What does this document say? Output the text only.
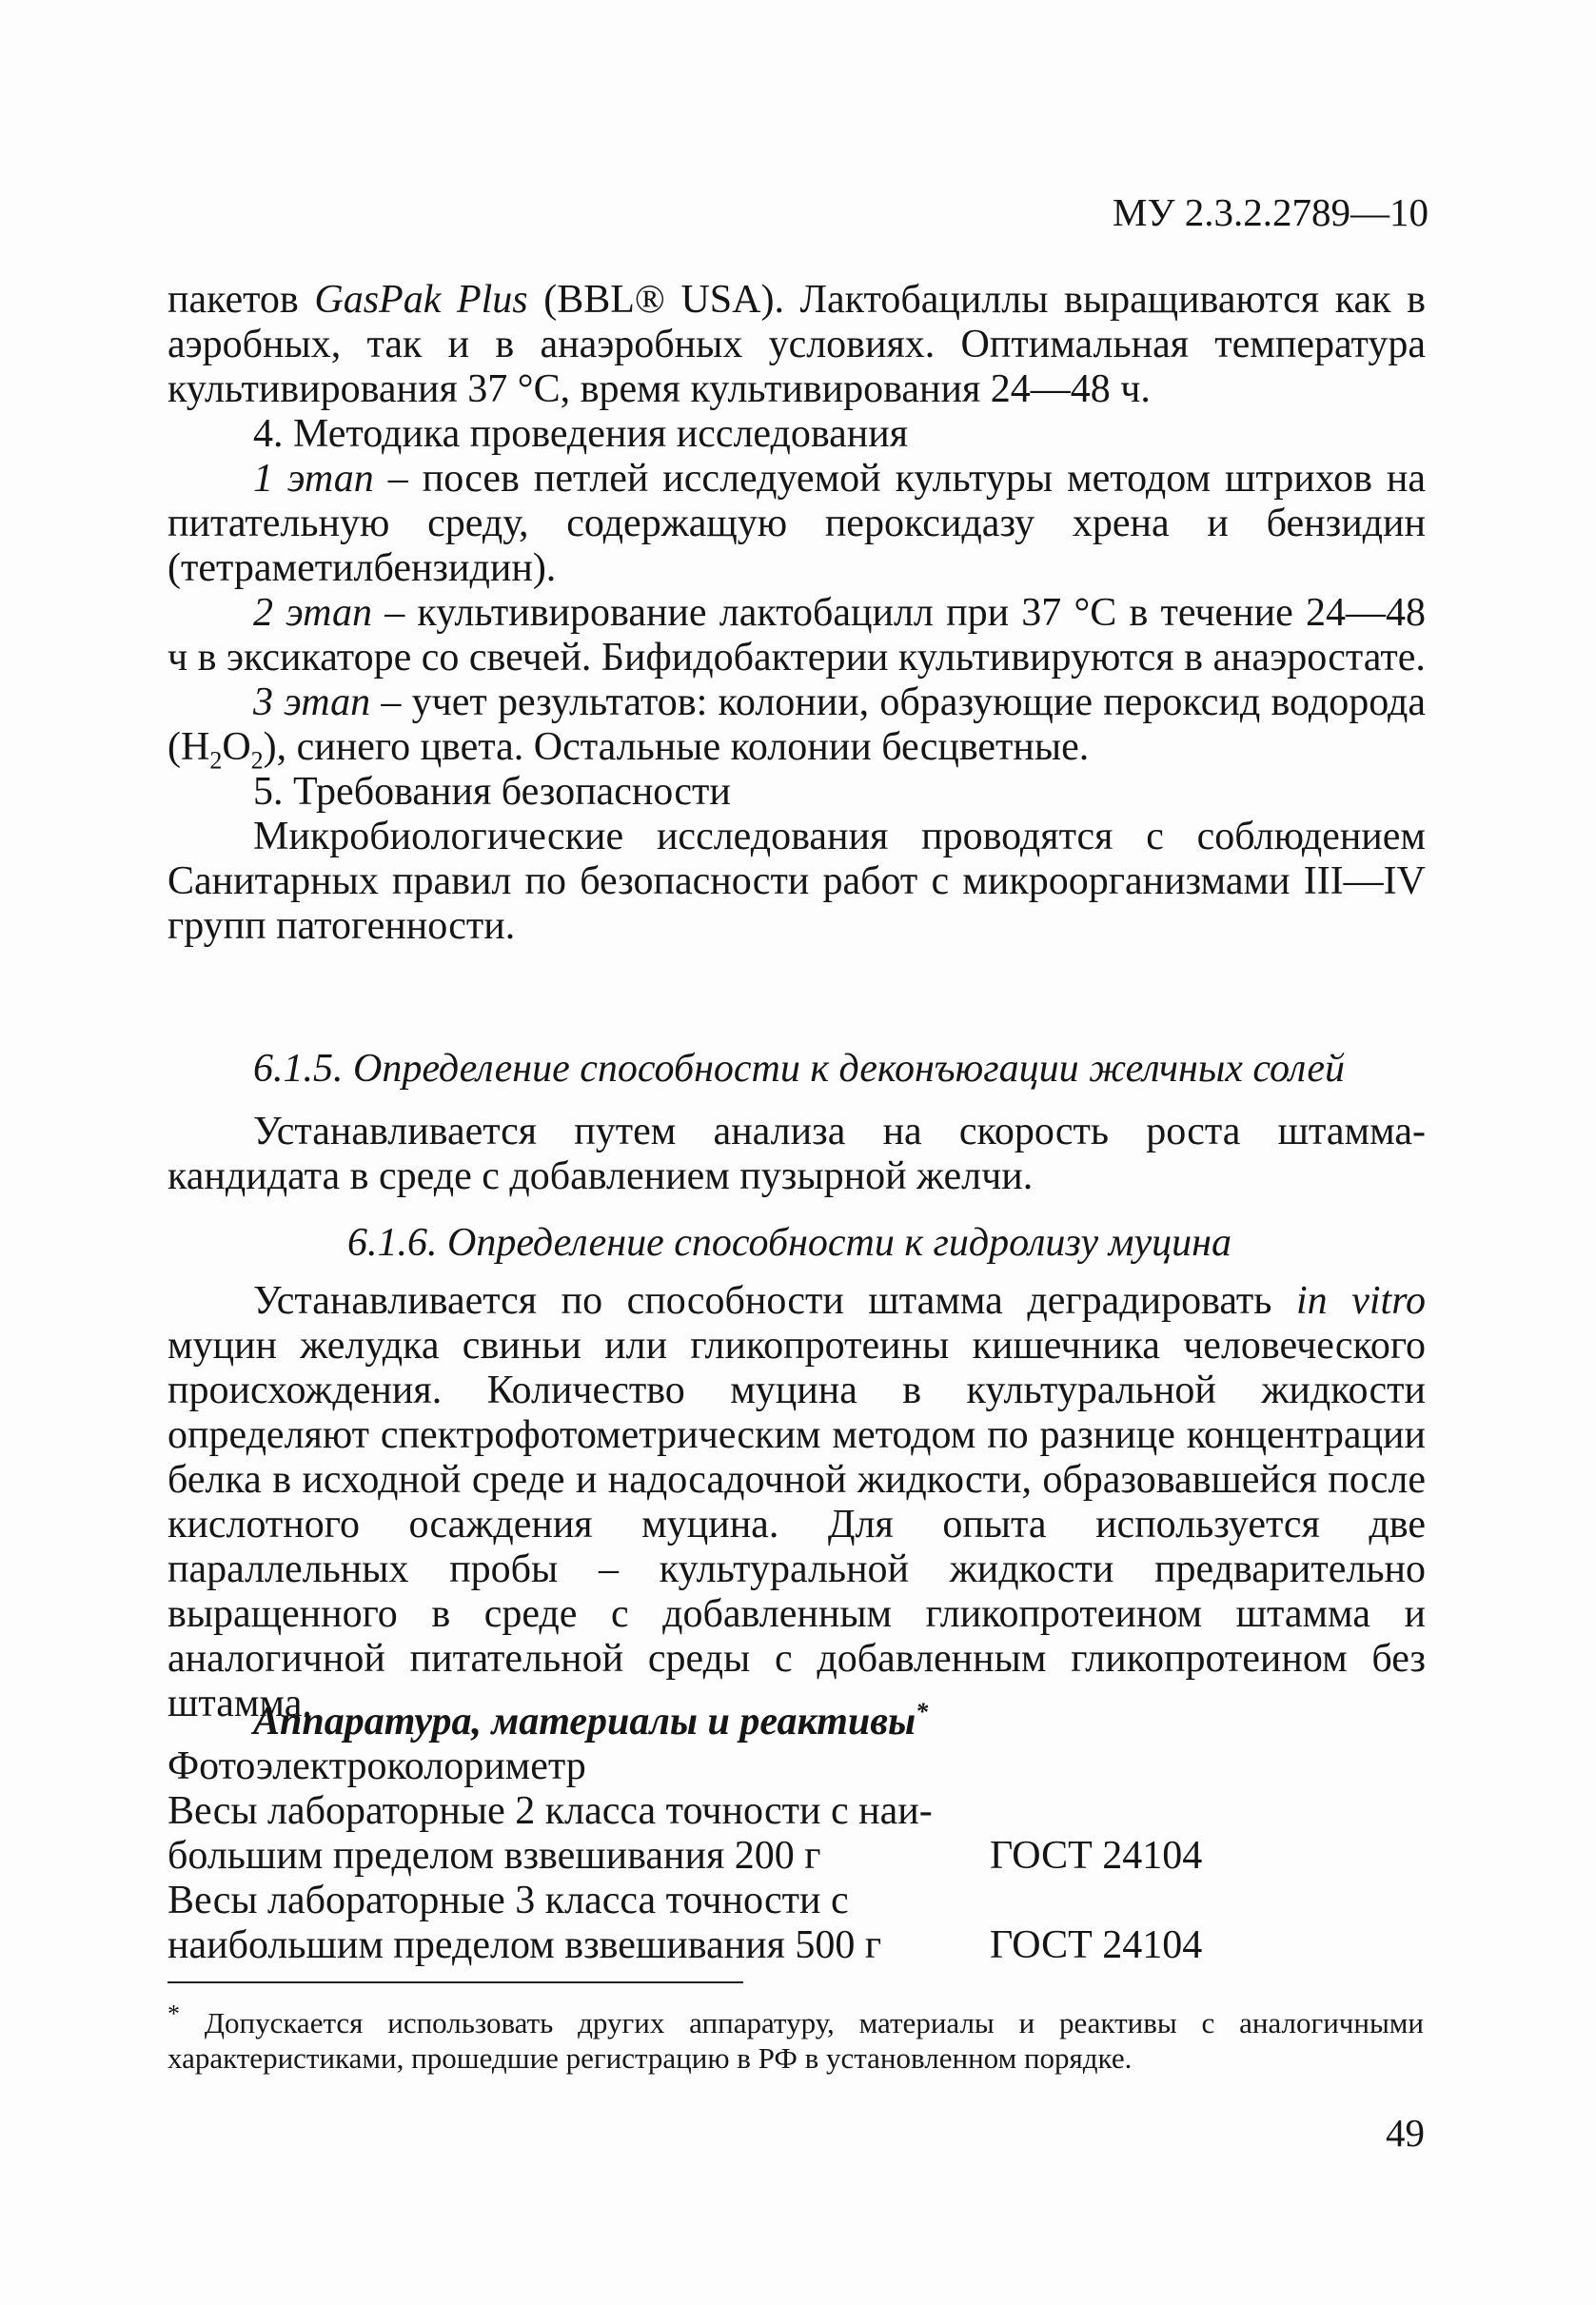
МУ 2.3.2.2789—10

пакетов GasPak Plus (BBL® USA). Лактобациллы выращиваются как в аэробных, так и в анаэробных условиях. Оптимальная температура культивирования 37 °C, время культивирования 24—48 ч.

4. Методика проведения исследования

1 этап – посев петлей исследуемой культуры методом штрихов на питательную среду, содержащую пероксидазу хрена и бензидин (тетраметилбензидин).

2 этап – культивирование лактобацилл при 37 °C в течение 24—48 ч в эксикаторе со свечей. Бифидобактерии культивируются в анаэростате.

3 этап – учет результатов: колонии, образующие пероксид водорода $(H_2O_2)$, синего цвета. Остальные колонии бесцветные.

5. Требования безопасности

Микробиологические исследования проводятся с соблюдением Санитарных правил по безопасности работ с микроорганизмами III—IV групп патогенности.

6.1.5. Определение способности к деконъюгации желчных солей

Устанавливается путем анализа на скорость роста штамма-кандидата в среде с добавлением пузырной желчи.

6.1.6. Определение способности к гидролизу муцина

Устанавливается по способности штамма деградировать in vitro муцин желудка свиньи или гликопротеины кишечника человеческого происхождения. Количество муцина в культуральной жидкости определяют спектрофотометрическим методом по разнице концентрации белка в исходной среде и надосадочной жидкости, образовавшейся после кислотного осаждения муцина. Для опыта используется две параллельных пробы – культуральной жидкости предварительно выращенного в среде с добавленным гликопротеином штамма и аналогичной питательной среды с добавленным гликопротеином без штамма.

Аппаратура, материалы и реактивы*
Фотоэлектроколориметр
Весы лабораторные 2 класса точности с наи-
большим пределом взвешивания 200 г	ГОСТ 24104
Весы лабораторные 3 класса точности с
наибольшим пределом взвешивания 500 г	ГОСТ 24104
* Допускается использовать других аппаратуру, материалы и реактивы с аналогичными характеристиками, прошедшие регистрацию в РФ в установленном порядке.
49
